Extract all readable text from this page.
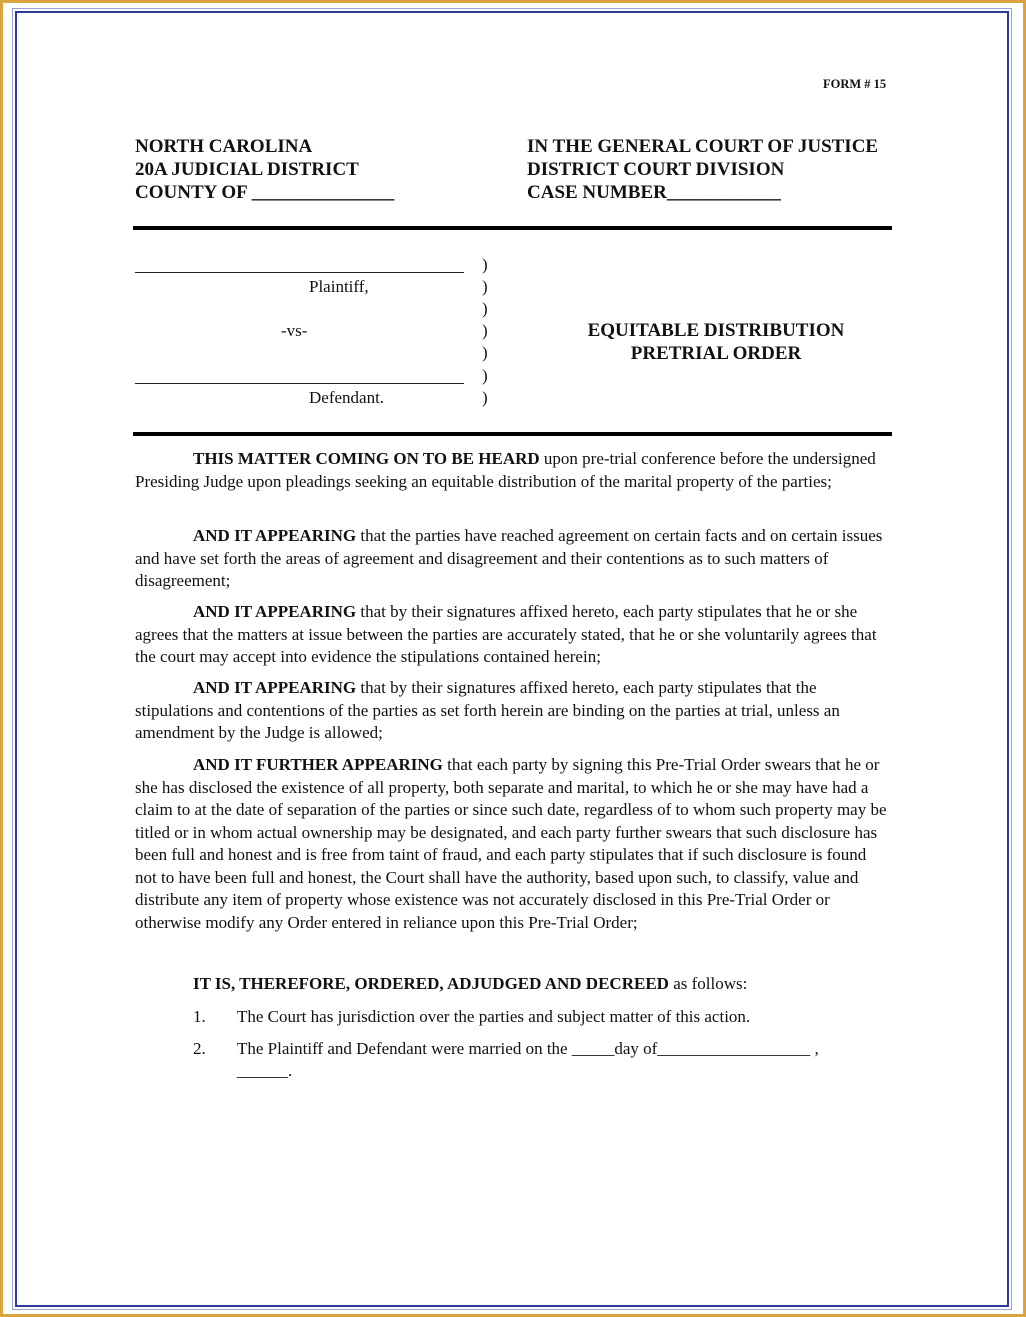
FORM # 15
NORTH CAROLINA
20A JUDICIAL DISTRICT
COUNTY OF _______________
IN THE GENERAL COURT OF JUSTICE
DISTRICT COURT DIVISION
CASE NUMBER____________
Plaintiff,
-vs-
Defendant.
)
)
)
)
)
)
)
EQUITABLE DISTRIBUTION
PRETRIAL ORDER

THIS MATTER COMING ON TO BE HEARD upon pre-trial conference before the undersigned Presiding Judge upon pleadings seeking an equitable distribution of the marital property of the parties;

AND IT APPEARING that the parties have reached agreement on certain facts and on certain issues and have set forth the areas of agreement and disagreement and their contentions as to such matters of disagreement;

AND IT APPEARING that by their signatures affixed hereto, each party stipulates that he or she agrees that the matters at issue between the parties are accurately stated, that he or she voluntarily agrees that the court may accept into evidence the stipulations contained herein;

AND IT APPEARING that by their signatures affixed hereto, each party stipulates that the stipulations and contentions of the parties as set forth herein are binding on the parties at trial, unless an amendment by the Judge is allowed;

AND IT FURTHER APPEARING that each party by signing this Pre-Trial Order swears that he or she has disclosed the existence of all property, both separate and marital, to which he or she may have had a claim to at the date of separation of the parties or since such date, regardless of to whom such property may be titled or in whom actual ownership may be designated, and each party further swears that such disclosure has been full and honest and is free from taint of fraud, and each party stipulates that if such disclosure is found not to have been full and honest, the Court shall have the authority, based upon such, to classify, value and distribute any item of property whose existence was not accurately disclosed in this Pre-Trial Order or otherwise modify any Order entered in reliance upon this Pre-Trial Order;

IT IS, THEREFORE, ORDERED, ADJUDGED AND DECREED as follows:

1. The Court has jurisdiction over the parties and subject matter of this action.
2. The Plaintiff and Defendant were married on the _____day of__________________ ,
______.
